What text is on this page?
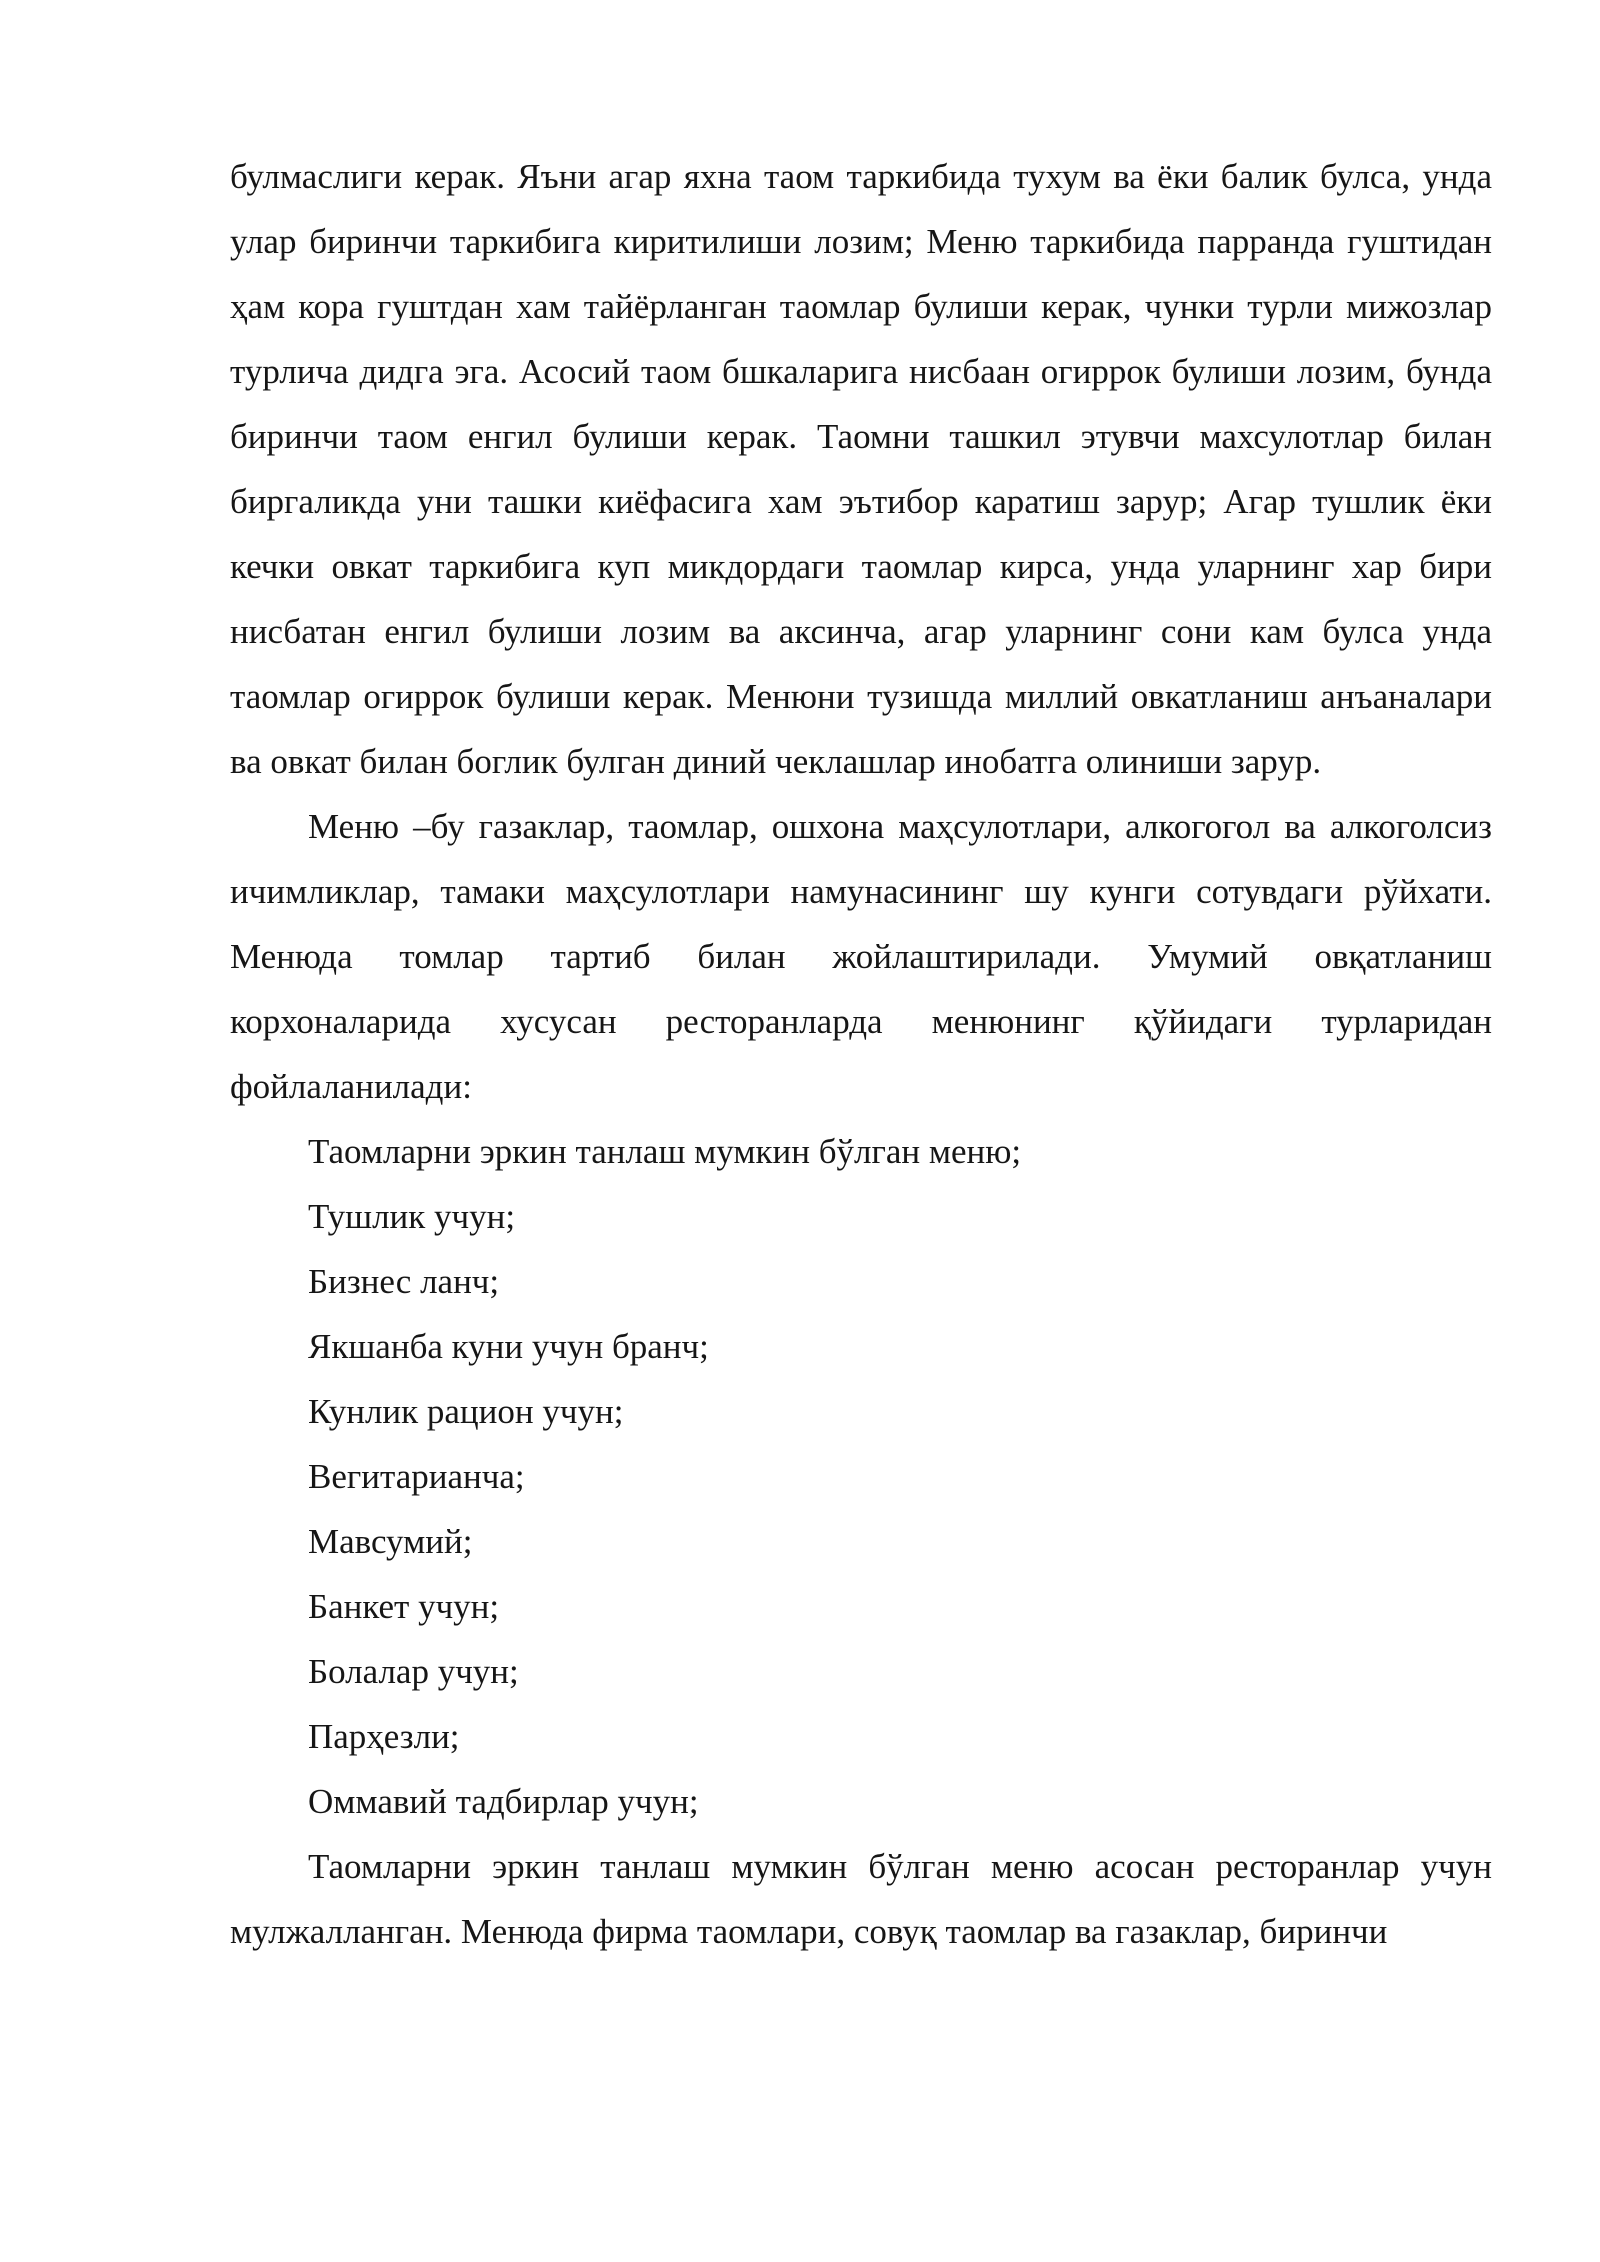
булмаслиги керак. Яъни агар яхна таом таркибида тухум ва ёки балик булса, унда улар биринчи таркибига киритилиши лозим; Меню таркибида парранда гуштидан ҳам кора гуштдан хам тайёрланган таомлар булиши керак, чунки турли мижозлар турлича дидга эга. Асосий таом бшкаларига нисбаан огиррок булиши лозим, бунда биринчи таом енгил булиши керак. Таомни ташкил этувчи махсулотлар билан биргаликда уни ташки киёфасига хам эътибор каратиш зарур; Агар тушлик ёки кечки овкат таркибига куп микдордаги таомлар кирса, унда уларнинг хар бири нисбатан енгил булиши лозим ва аксинча, агар уларнинг сони кам булса унда таомлар огиррок булиши керак. Менюни тузишда миллий овкатланиш анъаналари ва овкат билан боглик булган диний чеклашлар инобатга олиниши зарур.

Меню –бу газаклар, таомлар, ошхона маҳсулотлари, алкогогол ва алкоголсиз ичимликлар, тамаки маҳсулотлари намунасининг шу кунги сотувдаги рўйхати. Менюда томлар тартиб билан жойлаштирилади. Умумий овқатланиш корхоналарида хусусан ресторанларда менюнинг қўйидаги турларидан фойлаланилади:

Таомларни эркин танлаш мумкин бўлган меню;

Тушлик учун;

Бизнес ланч;

Якшанба куни учун бранч;

Кунлик рацион учун;

Вегитарианча;

Мавсумий;

Банкет учун;

Болалар учун;

Парҳезли;

Оммавий тадбирлар учун;

Таомларни эркин танлаш мумкин бўлган меню асосан ресторанлар учун мулжалланган. Менюда фирма таомлари, совуқ таомлар ва газаклар, биринчи
